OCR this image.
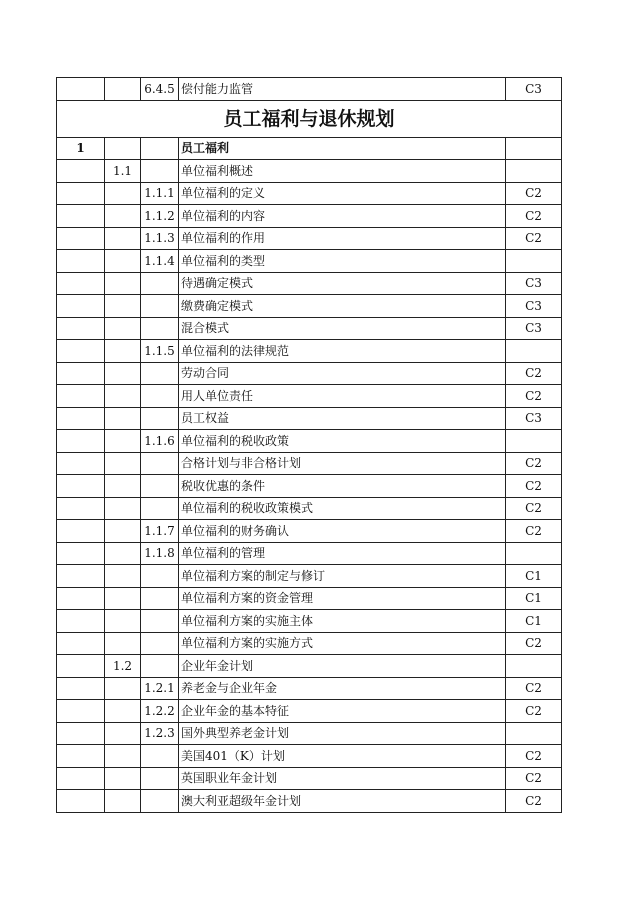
		6.4.5	偿付能力监管	C3
员工福利与退休规划				
1			员工福利	
	1.1		单位福利概述	
		1.1.1	单位福利的定义	C2
		1.1.2	单位福利的内容	C2
		1.1.3	单位福利的作用	C2
		1.1.4	单位福利的类型	
			待遇确定模式	C3
			缴费确定模式	C3
			混合模式	C3
		1.1.5	单位福利的法律规范	
			劳动合同	C2
			用人单位责任	C2
			员工权益	C3
		1.1.6	单位福利的税收政策	
			合格计划与非合格计划	C2
			税收优惠的条件	C2
			单位福利的税收政策模式	C2
		1.1.7	单位福利的财务确认	C2
		1.1.8	单位福利的管理	
			单位福利方案的制定与修订	C1
			单位福利方案的资金管理	C1
			单位福利方案的实施主体	C1
			单位福利方案的实施方式	C2
	1.2		企业年金计划	
		1.2.1	养老金与企业年金	C2
		1.2.2	企业年金的基本特征	C2
		1.2.3	国外典型养老金计划	
			美国401（K）计划	C2
			英国职业年金计划	C2
			澳大利亚超级年金计划	C2
